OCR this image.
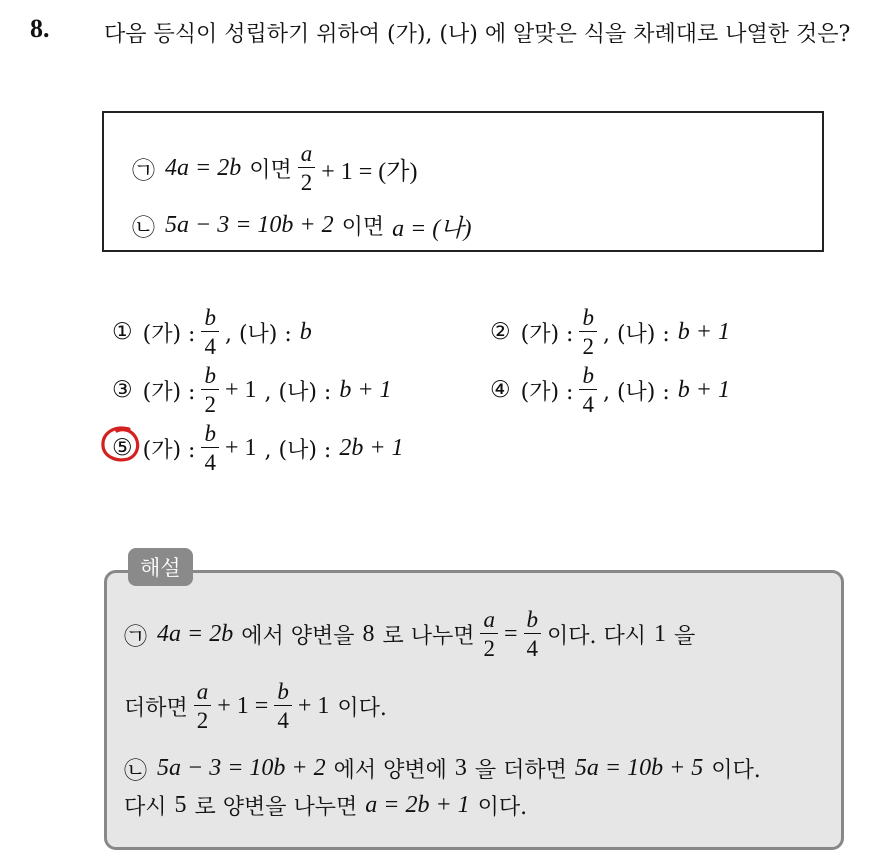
8. 다음 등식이 성립하기 위하여 (가), (나) 에 알맞은 식을 차례대로 나열한 것은?
㉠ 4a = 2b 이면 $\frac{a}{2} + 1$ = (가)
㉡ 5a − 3 = 10b + 2 이면 a = (나)
① (가) : $\frac{b}{4}$ , (나) : b	② (가) : $\frac{b}{2}$ , (나) : b + 1
③ (가) : $\frac{b}{2} + 1$ , (나) : b + 1	④ (가) : $\frac{b}{4}$ , (나) : b + 1
⑤ (가) : $\frac{b}{4} + 1$ , (나) : 2b + 1
해설
㉠ 4a = 2b 에서 양변을 8 로 나누면 $\frac{a}{2} = \frac{b}{4}$ 이다. 다시 1 을
더하면 $\frac{a}{2} + 1 = \frac{b}{4} + 1$ 이다.
㉡ 5a − 3 = 10b + 2 에서 양변에 3 을 더하면 5a = 10b + 5 이다.
다시 5 로 양변을 나누면 a = 2b + 1 이다.
